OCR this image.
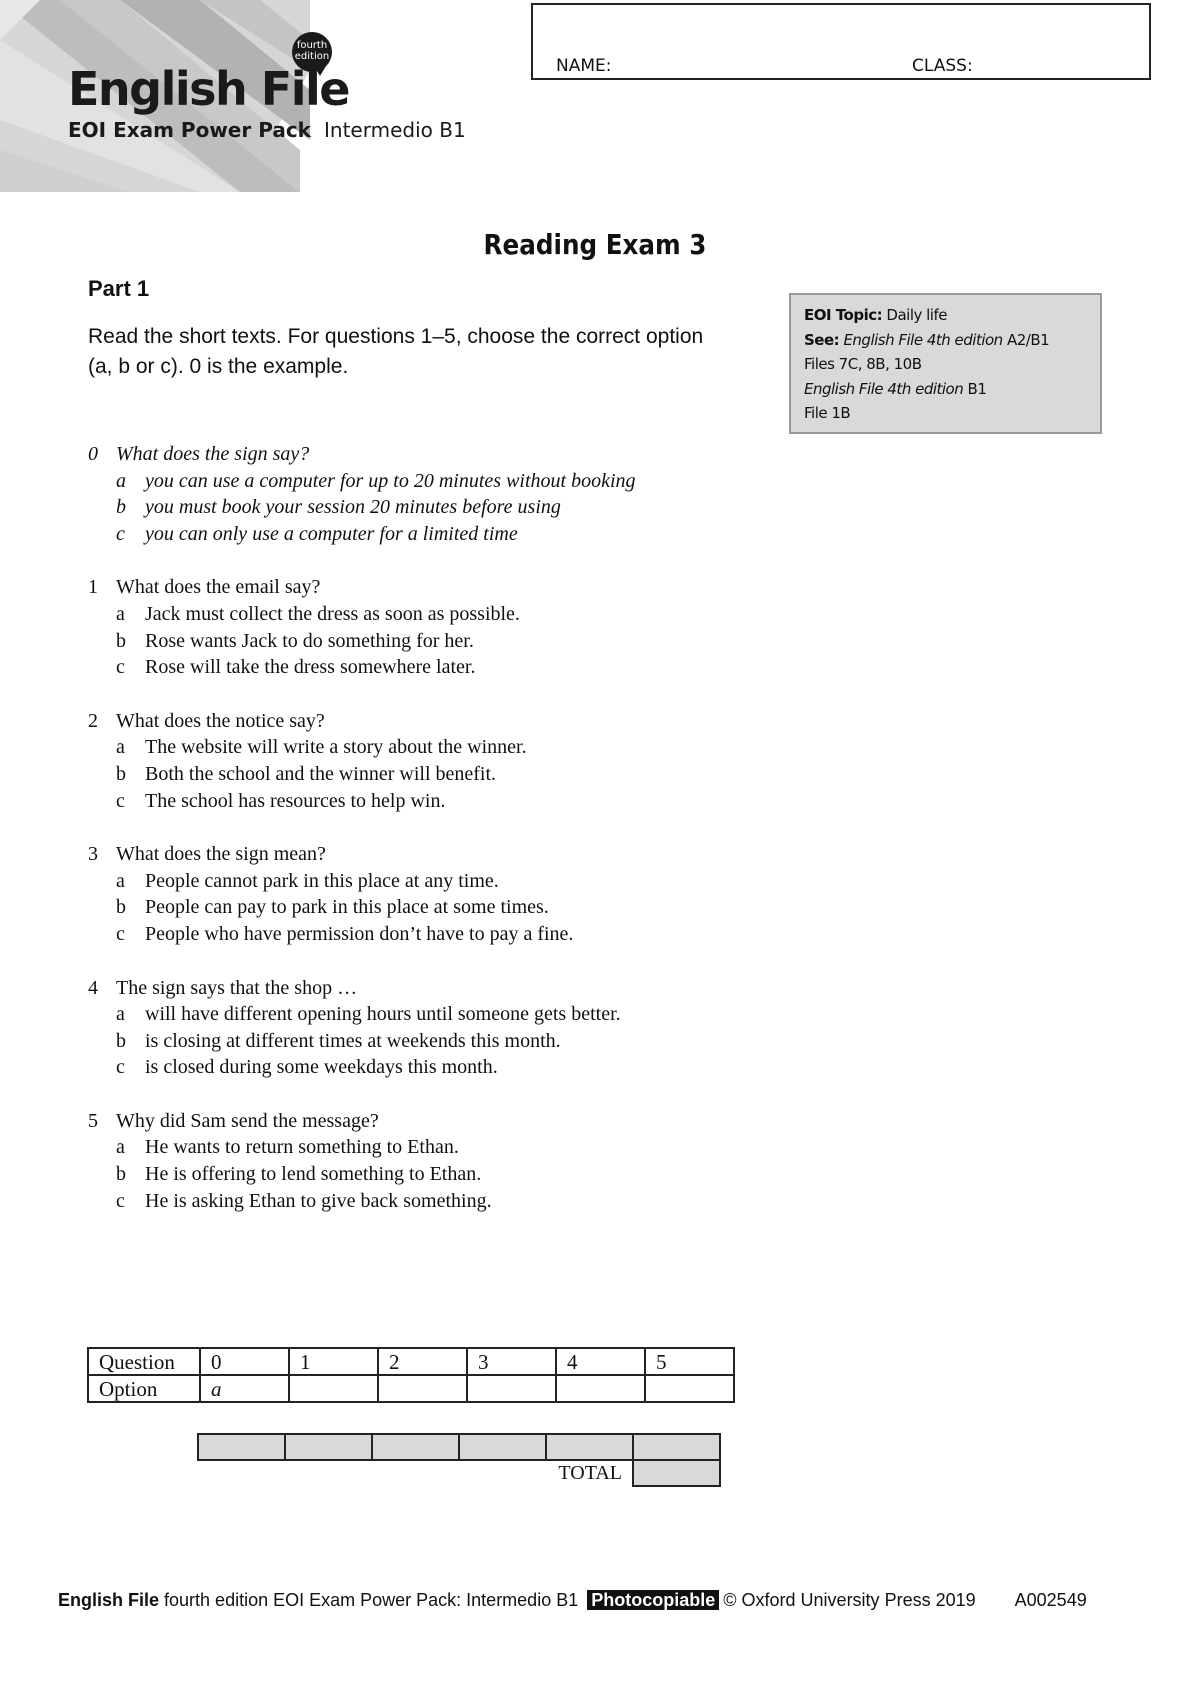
fourth
edition
English File
EOI Exam Power Pack Intermedio B1
NAME:	CLASS:
Reading Exam 3
Part 1
Read the short texts. For questions 1–5, choose the correct option (a, b or c). 0 is the example.
EOI Topic: Daily life
See: English File 4th edition A2/B1
Files 7C, 8B, 10B
English File 4th edition B1
File 1B
0 What does the sign say?
a you can use a computer for up to 20 minutes without booking
b you must book your session 20 minutes before using
c you can only use a computer for a limited time
1 What does the email say?
a Jack must collect the dress as soon as possible.
b Rose wants Jack to do something for her.
c Rose will take the dress somewhere later.
2 What does the notice say?
a The website will write a story about the winner.
b Both the school and the winner will benefit.
c The school has resources to help win.
3 What does the sign mean?
a People cannot park in this place at any time.
b People can pay to park in this place at some times.
c People who have permission don’t have to pay a fine.
4 The sign says that the shop …
a will have different opening hours until someone gets better.
b is closing at different times at weekends this month.
c is closed during some weekdays this month.
5 Why did Sam send the message?
a He wants to return something to Ethan.
b He is offering to lend something to Ethan.
c He is asking Ethan to give back something.
Question	0	1	2	3	4	5
Option	a					

TOTAL					
English File fourth edition EOI Exam Power Pack: Intermedio B1 Photocopiable © Oxford University Press 2019 A002549
